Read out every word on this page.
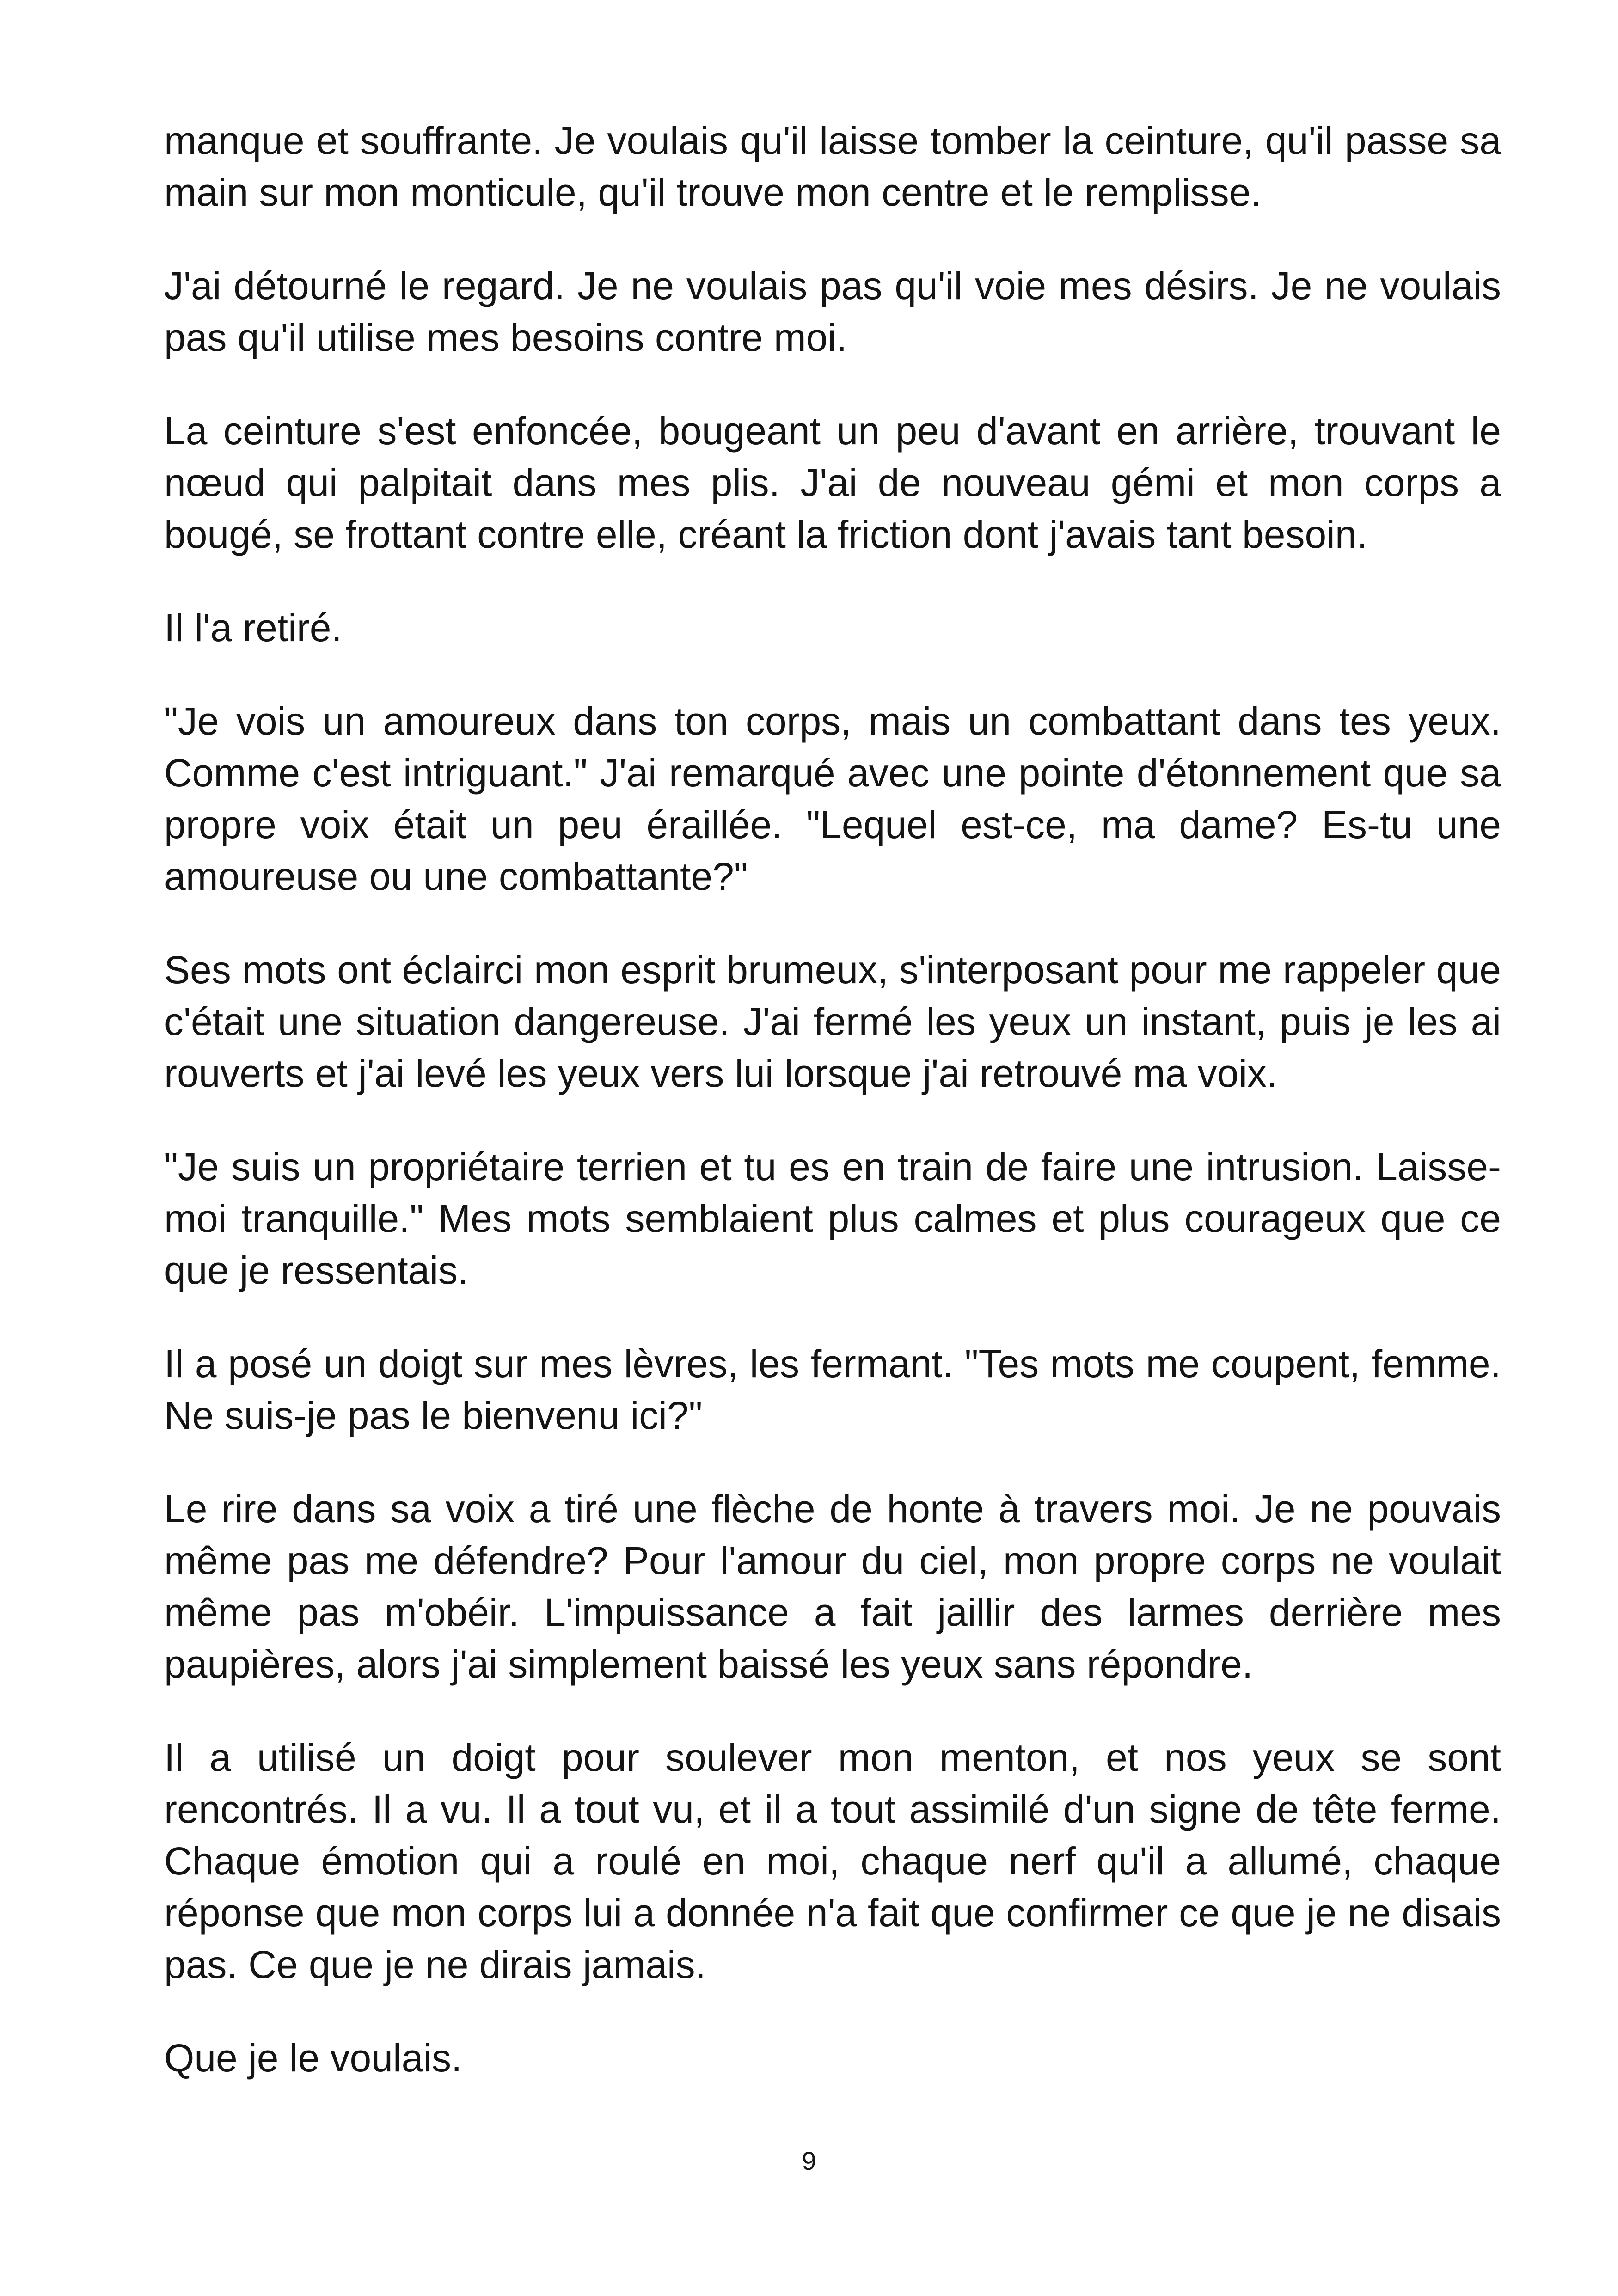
manque et souffrante. Je voulais qu'il laisse tomber la ceinture, qu'il passe sa main sur mon monticule, qu'il trouve mon centre et le remplisse.

J'ai détourné le regard. Je ne voulais pas qu'il voie mes désirs. Je ne voulais pas qu'il utilise mes besoins contre moi.

La ceinture s'est enfoncée, bougeant un peu d'avant en arrière, trouvant le nœud qui palpitait dans mes plis. J'ai de nouveau gémi et mon corps a bougé, se frottant contre elle, créant la friction dont j'avais tant besoin.

Il l'a retiré.

"Je vois un amoureux dans ton corps, mais un combattant dans tes yeux. Comme c'est intriguant." J'ai remarqué avec une pointe d'étonnement que sa propre voix était un peu éraillée. "Lequel est-ce, ma dame? Es-tu une amoureuse ou une combattante?"

Ses mots ont éclairci mon esprit brumeux, s'interposant pour me rappeler que c'était une situation dangereuse. J'ai fermé les yeux un instant, puis je les ai rouverts et j'ai levé les yeux vers lui lorsque j'ai retrouvé ma voix.

"Je suis un propriétaire terrien et tu es en train de faire une intrusion. Laisse-moi tranquille." Mes mots semblaient plus calmes et plus courageux que ce que je ressentais.

Il a posé un doigt sur mes lèvres, les fermant. "Tes mots me coupent, femme. Ne suis-je pas le bienvenu ici?"

Le rire dans sa voix a tiré une flèche de honte à travers moi. Je ne pouvais même pas me défendre? Pour l'amour du ciel, mon propre corps ne voulait même pas m'obéir. L'impuissance a fait jaillir des larmes derrière mes paupières, alors j'ai simplement baissé les yeux sans répondre.

Il a utilisé un doigt pour soulever mon menton, et nos yeux se sont rencontrés. Il a vu. Il a tout vu, et il a tout assimilé d'un signe de tête ferme. Chaque émotion qui a roulé en moi, chaque nerf qu'il a allumé, chaque réponse que mon corps lui a donnée n'a fait que confirmer ce que je ne disais pas. Ce que je ne dirais jamais.

Que je le voulais.

9
